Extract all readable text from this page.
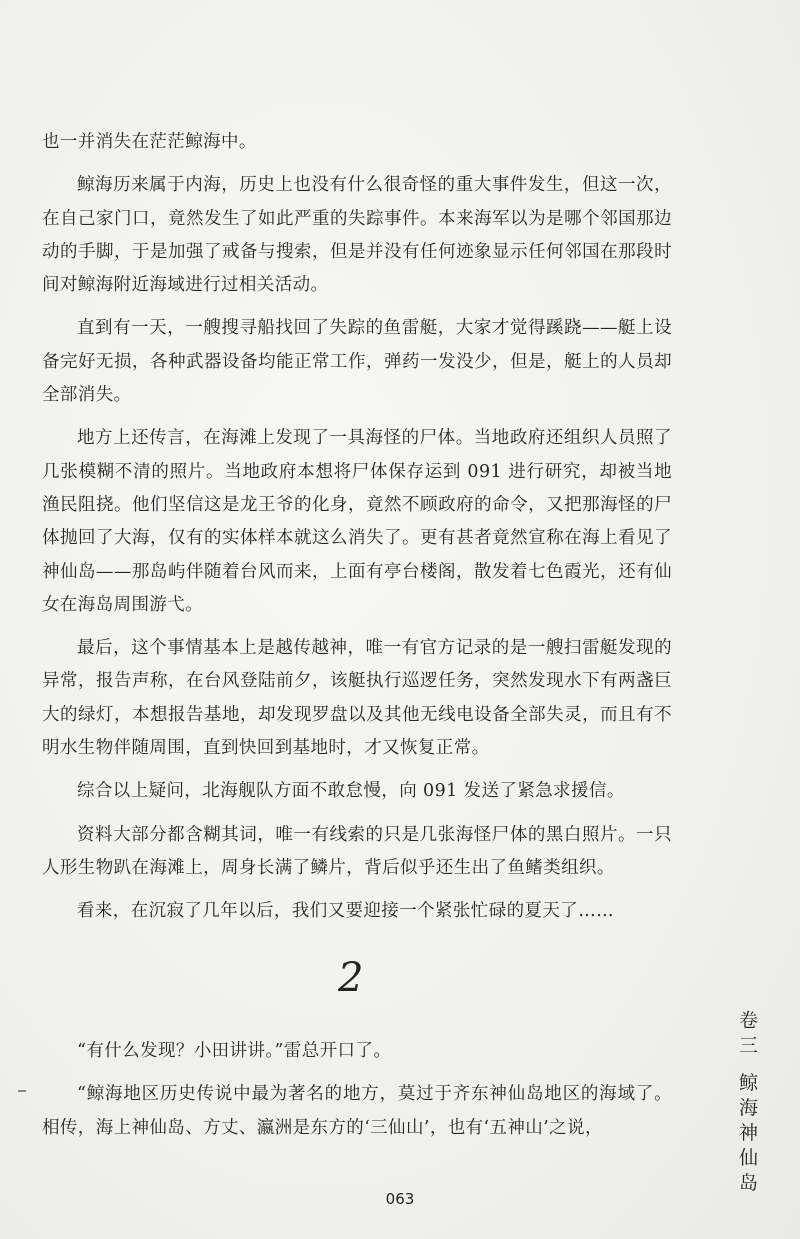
也一并消失在茫茫鲸海中。

鲸海历来属于内海，历史上也没有什么很奇怪的重大事件发生，但这一次，在自己家门口，竟然发生了如此严重的失踪事件。本来海军以为是哪个邻国那边动的手脚，于是加强了戒备与搜索，但是并没有任何迹象显示任何邻国在那段时间对鲸海附近海域进行过相关活动。

直到有一天，一艘搜寻船找回了失踪的鱼雷艇，大家才觉得蹊跷——艇上设备完好无损，各种武器设备均能正常工作，弹药一发没少，但是，艇上的人员却全部消失。

地方上还传言，在海滩上发现了一具海怪的尸体。当地政府还组织人员照了几张模糊不清的照片。当地政府本想将尸体保存运到 091 进行研究，却被当地渔民阻挠。他们坚信这是龙王爷的化身，竟然不顾政府的命令，又把那海怪的尸体抛回了大海，仅有的实体样本就这么消失了。更有甚者竟然宣称在海上看见了神仙岛——那岛屿伴随着台风而来，上面有亭台楼阁，散发着七色霞光，还有仙女在海岛周围游弋。

最后，这个事情基本上是越传越神，唯一有官方记录的是一艘扫雷艇发现的异常，报告声称，在台风登陆前夕，该艇执行巡逻任务，突然发现水下有两盏巨大的绿灯，本想报告基地，却发现罗盘以及其他无线电设备全部失灵，而且有不明水生物伴随周围，直到快回到基地时，才又恢复正常。

综合以上疑问，北海舰队方面不敢怠慢，向 091 发送了紧急求援信。

资料大部分都含糊其词，唯一有线索的只是几张海怪尸体的黑白照片。一只人形生物趴在海滩上，周身长满了鳞片，背后似乎还生出了鱼鳍类组织。

看来，在沉寂了几年以后，我们又要迎接一个紧张忙碌的夏天了……

2

“有什么发现？小田讲讲。”雷总开口了。

“鲸海地区历史传说中最为著名的地方，莫过于齐东神仙岛地区的海域了。相传，海上神仙岛、方丈、瀛洲是东方的‘三仙山’，也有‘五神山’之说，	卷三 鲸海神仙岛
063
